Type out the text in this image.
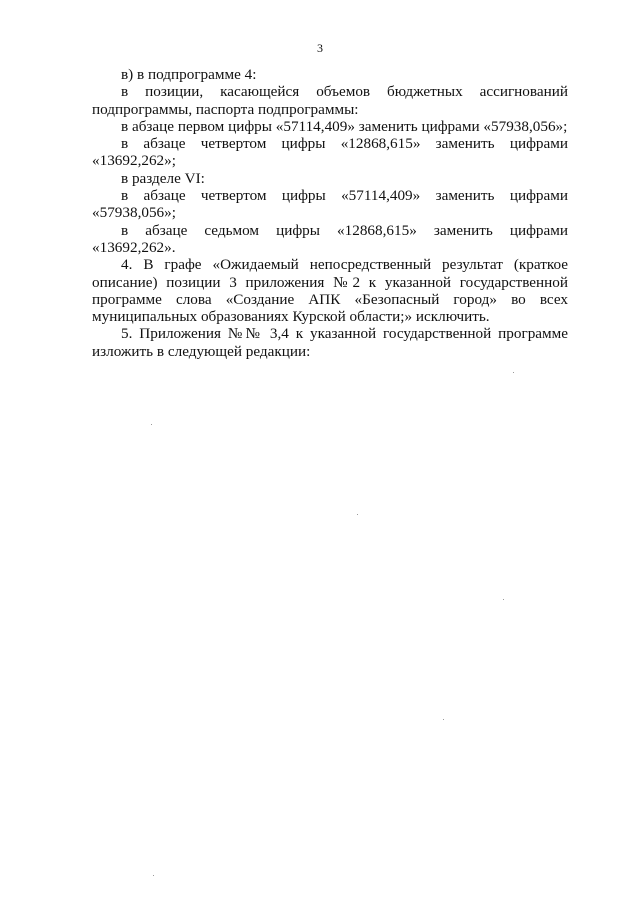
3

в) в подпрограмме 4:

в позиции, касающейся объемов бюджетных ассигнований

подпрограммы, паспорта подпрограммы:

в абзаце первом цифры «57114,409» заменить цифрами «57938,056»;

в абзаце четвертом цифры «12868,615» заменить цифрами

«13692,262»;

в разделе VI:

в абзаце четвертом цифры «57114,409» заменить цифрами

«57938,056»;

в абзаце седьмом цифры «12868,615» заменить цифрами

«13692,262».

4. В графе «Ожидаемый непосредственный результат (краткое описание) позиции 3 приложения №2 к указанной государственной программе слова «Создание АПК «Безопасный город» во всех муниципальных образованиях Курской области;» исключить.

5. Приложения №№ 3,4 к указанной государственной программе изложить в следующей редакции:
